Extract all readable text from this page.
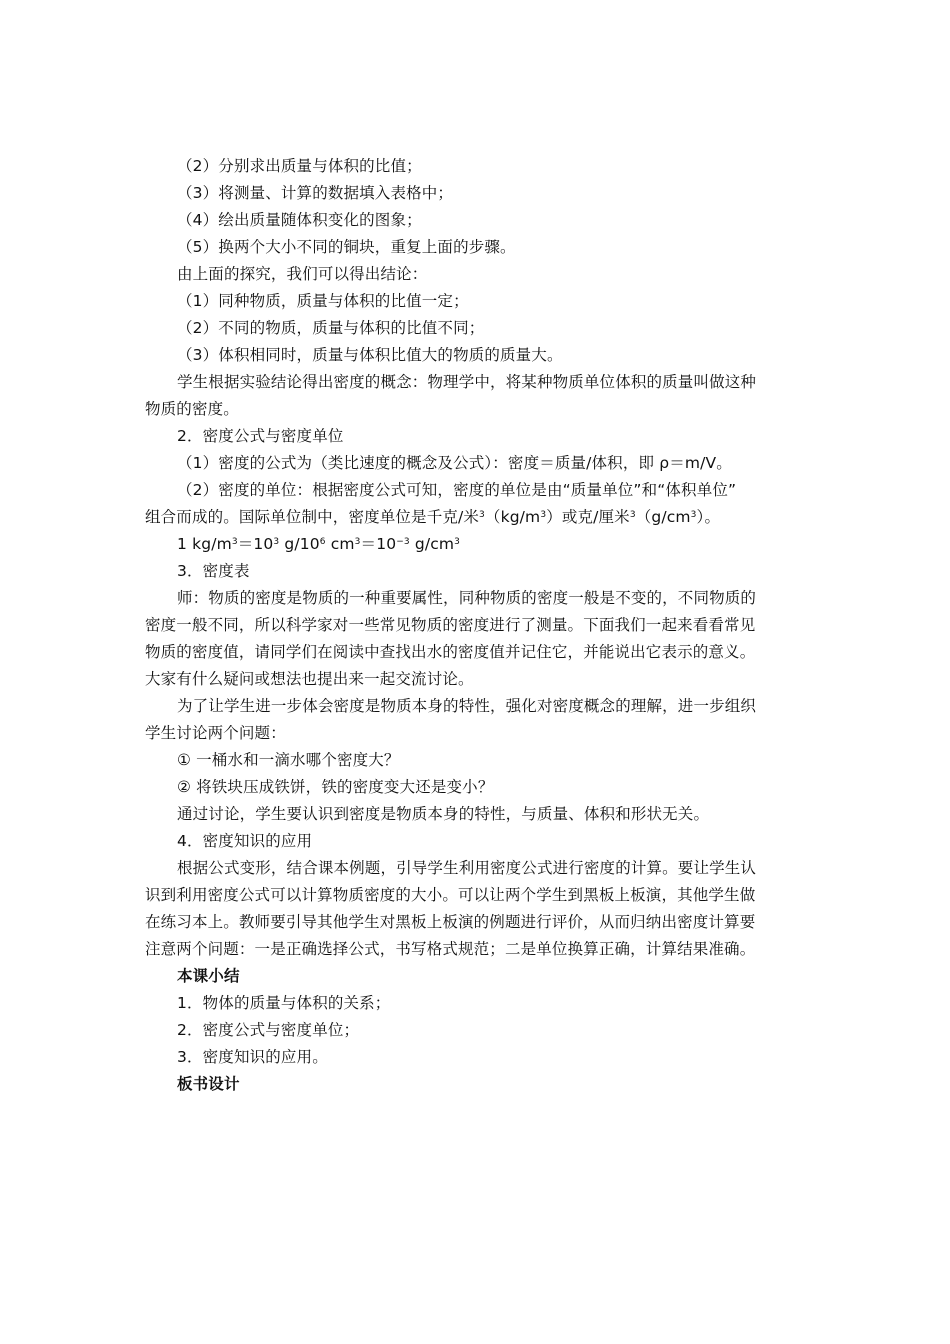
（2）分别求出质量与体积的比值；
（3）将测量、计算的数据填入表格中；
（4）绘出质量随体积变化的图象；
（5）换两个大小不同的铜块，重复上面的步骤。
由上面的探究，我们可以得出结论：
（1）同种物质，质量与体积的比值一定；
（2）不同的物质，质量与体积的比值不同；
（3）体积相同时，质量与体积比值大的物质的质量大。
学生根据实验结论得出密度的概念：物理学中，将某种物质单位体积的质量叫做这种
物质的密度。
2．密度公式与密度单位
（1）密度的公式为（类比速度的概念及公式）：密度＝质量/体积，即 ρ＝m/V。
（2）密度的单位：根据密度公式可知，密度的单位是由“质量单位”和“体积单位”
组合而成的。国际单位制中，密度单位是千克/米$^3(kg/m^3)$或克/厘米$^3(g/cm^3)$。
1 $kg/m^3=10^3$ $g/10^6$ $cm^3=10^{-3}$ $g/cm^3$
3．密度表
师：物质的密度是物质的一种重要属性，同种物质的密度一般是不变的，不同物质的
密度一般不同，所以科学家对一些常见物质的密度进行了测量。下面我们一起来看看常见
物质的密度值，请同学们在阅读中查找出水的密度值并记住它，并能说出它表示的意义。
大家有什么疑问或想法也提出来一起交流讨论。
为了让学生进一步体会密度是物质本身的特性，强化对密度概念的理解，进一步组织
学生讨论两个问题：
① 一桶水和一滴水哪个密度大？
② 将铁块压成铁饼，铁的密度变大还是变小？
通过讨论，学生要认识到密度是物质本身的特性，与质量、体积和形状无关。
4．密度知识的应用
根据公式变形，结合课本例题，引导学生利用密度公式进行密度的计算。要让学生认
识到利用密度公式可以计算物质密度的大小。可以让两个学生到黑板上板演，其他学生做
在练习本上。教师要引导其他学生对黑板上板演的例题进行评价，从而归纳出密度计算要
注意两个问题：一是正确选择公式，书写格式规范；二是单位换算正确，计算结果准确。
本课小结
1．物体的质量与体积的关系；
2．密度公式与密度单位；
3．密度知识的应用。
板书设计
